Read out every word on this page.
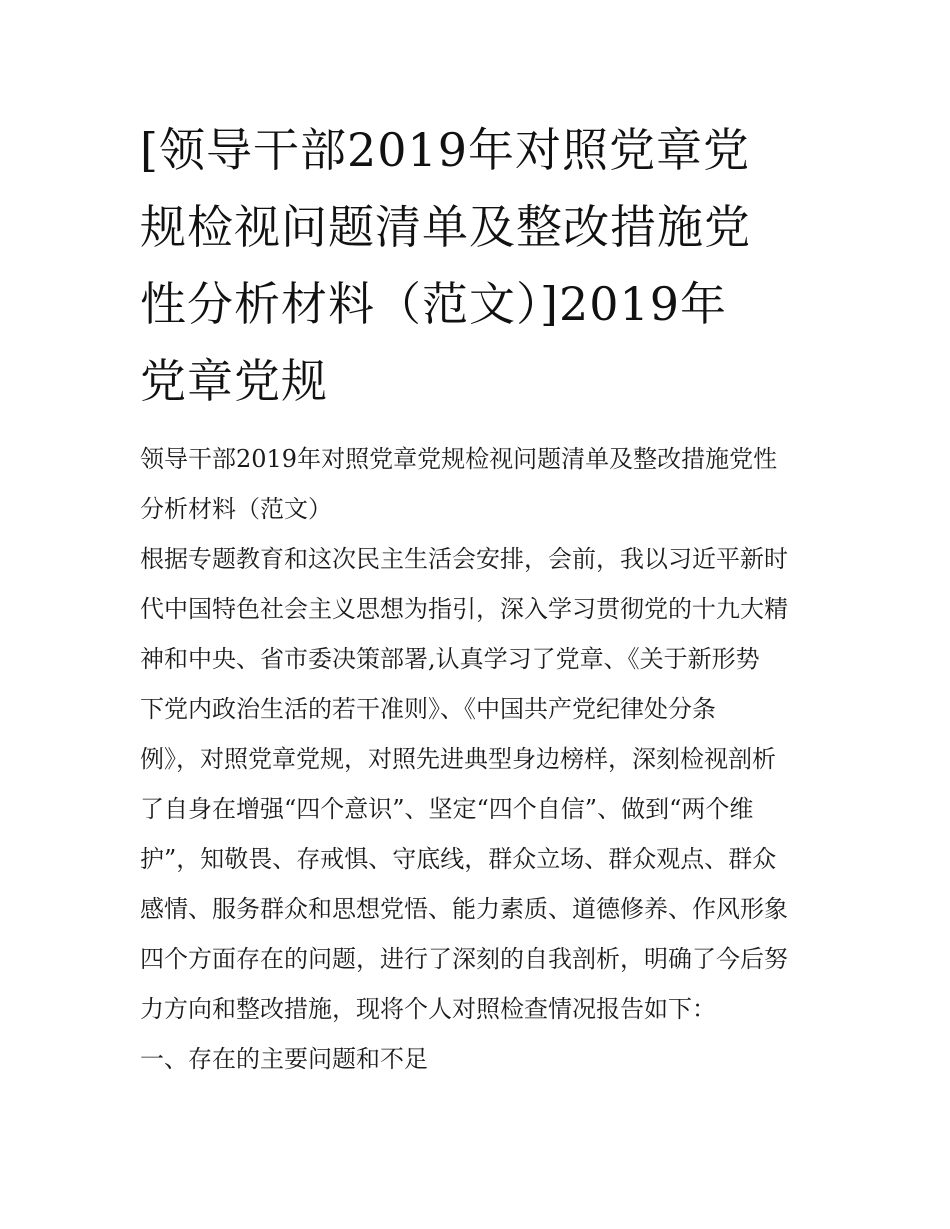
[领导干部2019年对照党章党
规检视问题清单及整改措施党
性分析材料（范文）]2019年
党章党规
领导干部2019年对照党章党规检视问题清单及整改措施党性
分析材料（范文）
根据专题教育和这次民主生活会安排，会前，我以习近平新时
代中国特色社会主义思想为指引，深入学习贯彻党的十九大精
神和中央、省市委决策部署,认真学习了党章、《关于新形势
下党内政治生活的若干准则》、《中国共产党纪律处分条
例》，对照党章党规，对照先进典型身边榜样，深刻检视剖析
了自身在增强“四个意识”、坚定“四个自信”、做到“两个维
护”，知敬畏、存戒惧、守底线，群众立场、群众观点、群众
感情、服务群众和思想党悟、能力素质、道德修养、作风形象
四个方面存在的问题，进行了深刻的自我剖析，明确了今后努
力方向和整改措施，现将个人对照检查情况报告如下：
一、存在的主要问题和不足
